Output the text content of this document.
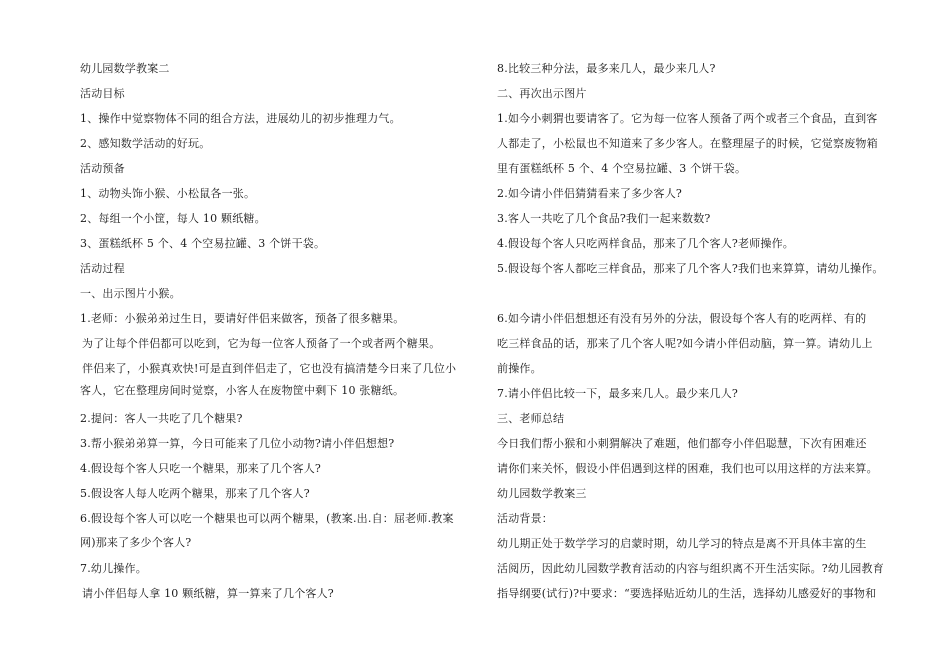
幼儿园数学教案二
活动目标
1、操作中觉察物体不同的组合方法，进展幼儿的初步推理力气。
2、感知数学活动的好玩。
活动预备
1、动物头饰小猴、小松鼠各一张。
2、每组一个小筐，每人 10 颗纸糖。
3、蛋糕纸杯 5 个、4 个空易拉罐、3 个饼干袋。
活动过程
一、出示图片小猴。
1.老师：小猴弟弟过生日，要请好伴侣来做客，预备了很多糖果。
为了让每个伴侣都可以吃到，它为每一位客人预备了一个或者两个糖果。
伴侣来了，小猴真欢快!可是直到伴侣走了，它也没有搞清楚今日来了几位小
客人，它在整理房间时觉察，小客人在废物筐中剩下 10 张糖纸。
2.提问：客人一共吃了几个糖果?
3.帮小猴弟弟算一算，今日可能来了几位小动物?请小伴侣想想?
4.假设每个客人只吃一个糖果，那来了几个客人?
5.假设客人每人吃两个糖果，那来了几个客人?
6.假设每个客人可以吃一个糖果也可以两个糖果，(教案.出.自：屈老师.教案
网)那来了多少个客人?
7.幼儿操作。
请小伴侣每人拿 10 颗纸糖，算一算来了几个客人?
8.比较三种分法，最多来几人，最少来几人?
二、再次出示图片
1.如今小刺猬也要请客了。它为每一位客人预备了两个或者三个食品，直到客
人都走了，小松鼠也不知道来了多少客人。在整理屋子的时候，它觉察废物箱
里有蛋糕纸杯 5 个、4 个空易拉罐、3 个饼干袋。
2.如今请小伴侣猜猜看来了多少客人?
3.客人一共吃了几个食品?我们一起来数数?
4.假设每个客人只吃两样食品，那来了几个客人?老师操作。
5.假设每个客人都吃三样食品，那来了几个客人?我们也来算算，请幼儿操作。
6.如今请小伴侣想想还有没有另外的分法，假设每个客人有的吃两样、有的
吃三样食品的话，那来了几个客人呢?如今请小伴侣动脑，算一算。请幼儿上
前操作。
7.请小伴侣比较一下，最多来几人。最少来几人?
三、老师总结
今日我们帮小猴和小刺猬解决了难题，他们都夸小伴侣聪慧，下次有困难还
请你们来关怀，假设小伴侣遇到这样的困难，我们也可以用这样的方法来算。
幼儿园数学教案三
活动背景：
幼儿期正处于数学学习的启蒙时期，幼儿学习的特点是离不开具体丰富的生
活阅历，因此幼儿园数学教育活动的内容与组织离不开生活实际。?幼儿园教育
指导纲要(试行)?中要求：“要选择贴近幼儿的生活，选择幼儿感爱好的事物和
